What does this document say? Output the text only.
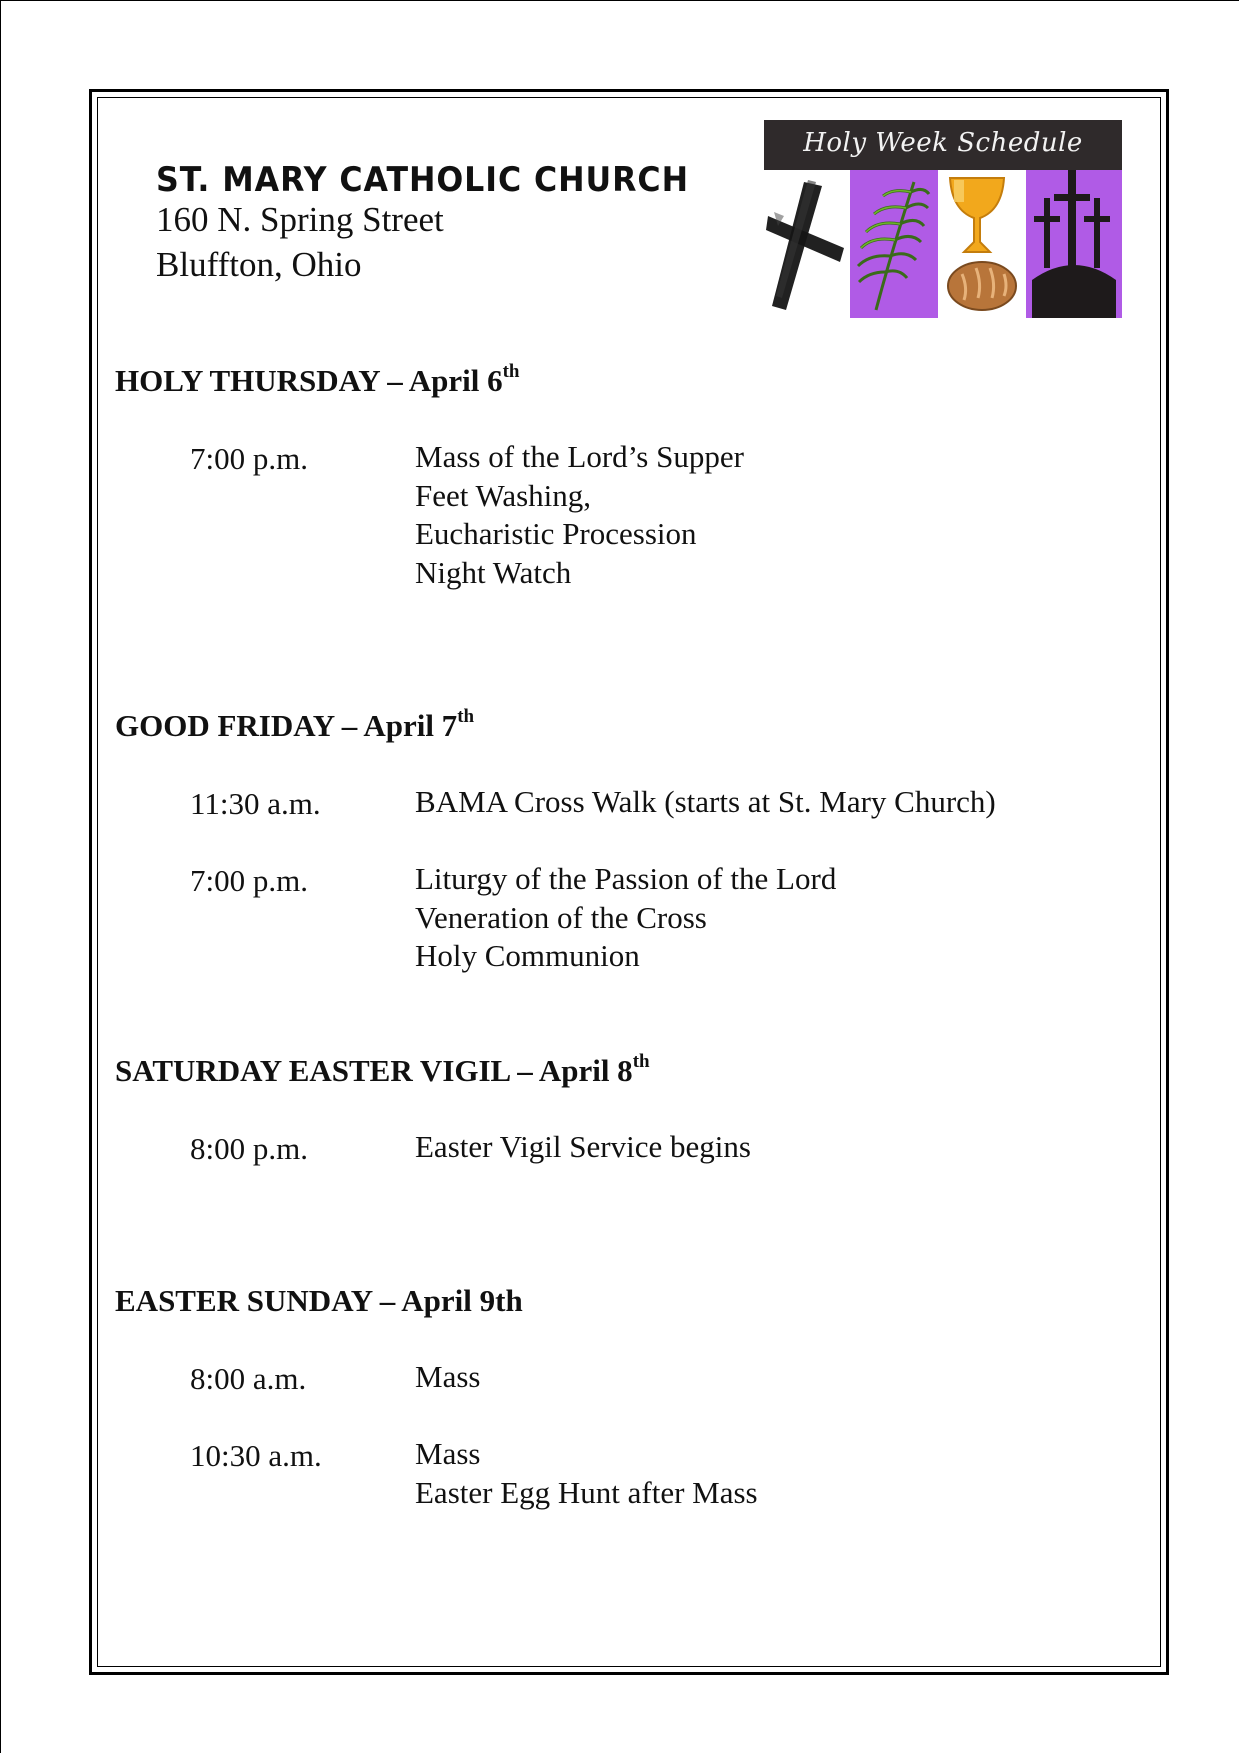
ST. MARY CATHOLIC CHURCH
160 N. Spring Street
Bluffton, Ohio
Holy Week Schedule
HOLY THURSDAY – April 6th
7:00 p.m.	Mass of the Lord’s Supper
Feet Washing,
Eucharistic Procession
Night Watch
GOOD FRIDAY – April 7th
11:30 a.m.	BAMA Cross Walk (starts at St. Mary Church)
7:00 p.m.	Liturgy of the Passion of the Lord
Veneration of the Cross
Holy Communion
SATURDAY EASTER VIGIL – April 8th
8:00 p.m.	Easter Vigil Service begins
EASTER SUNDAY – April 9th
8:00 a.m.	Mass
10:30 a.m.	Mass
Easter Egg Hunt after Mass
